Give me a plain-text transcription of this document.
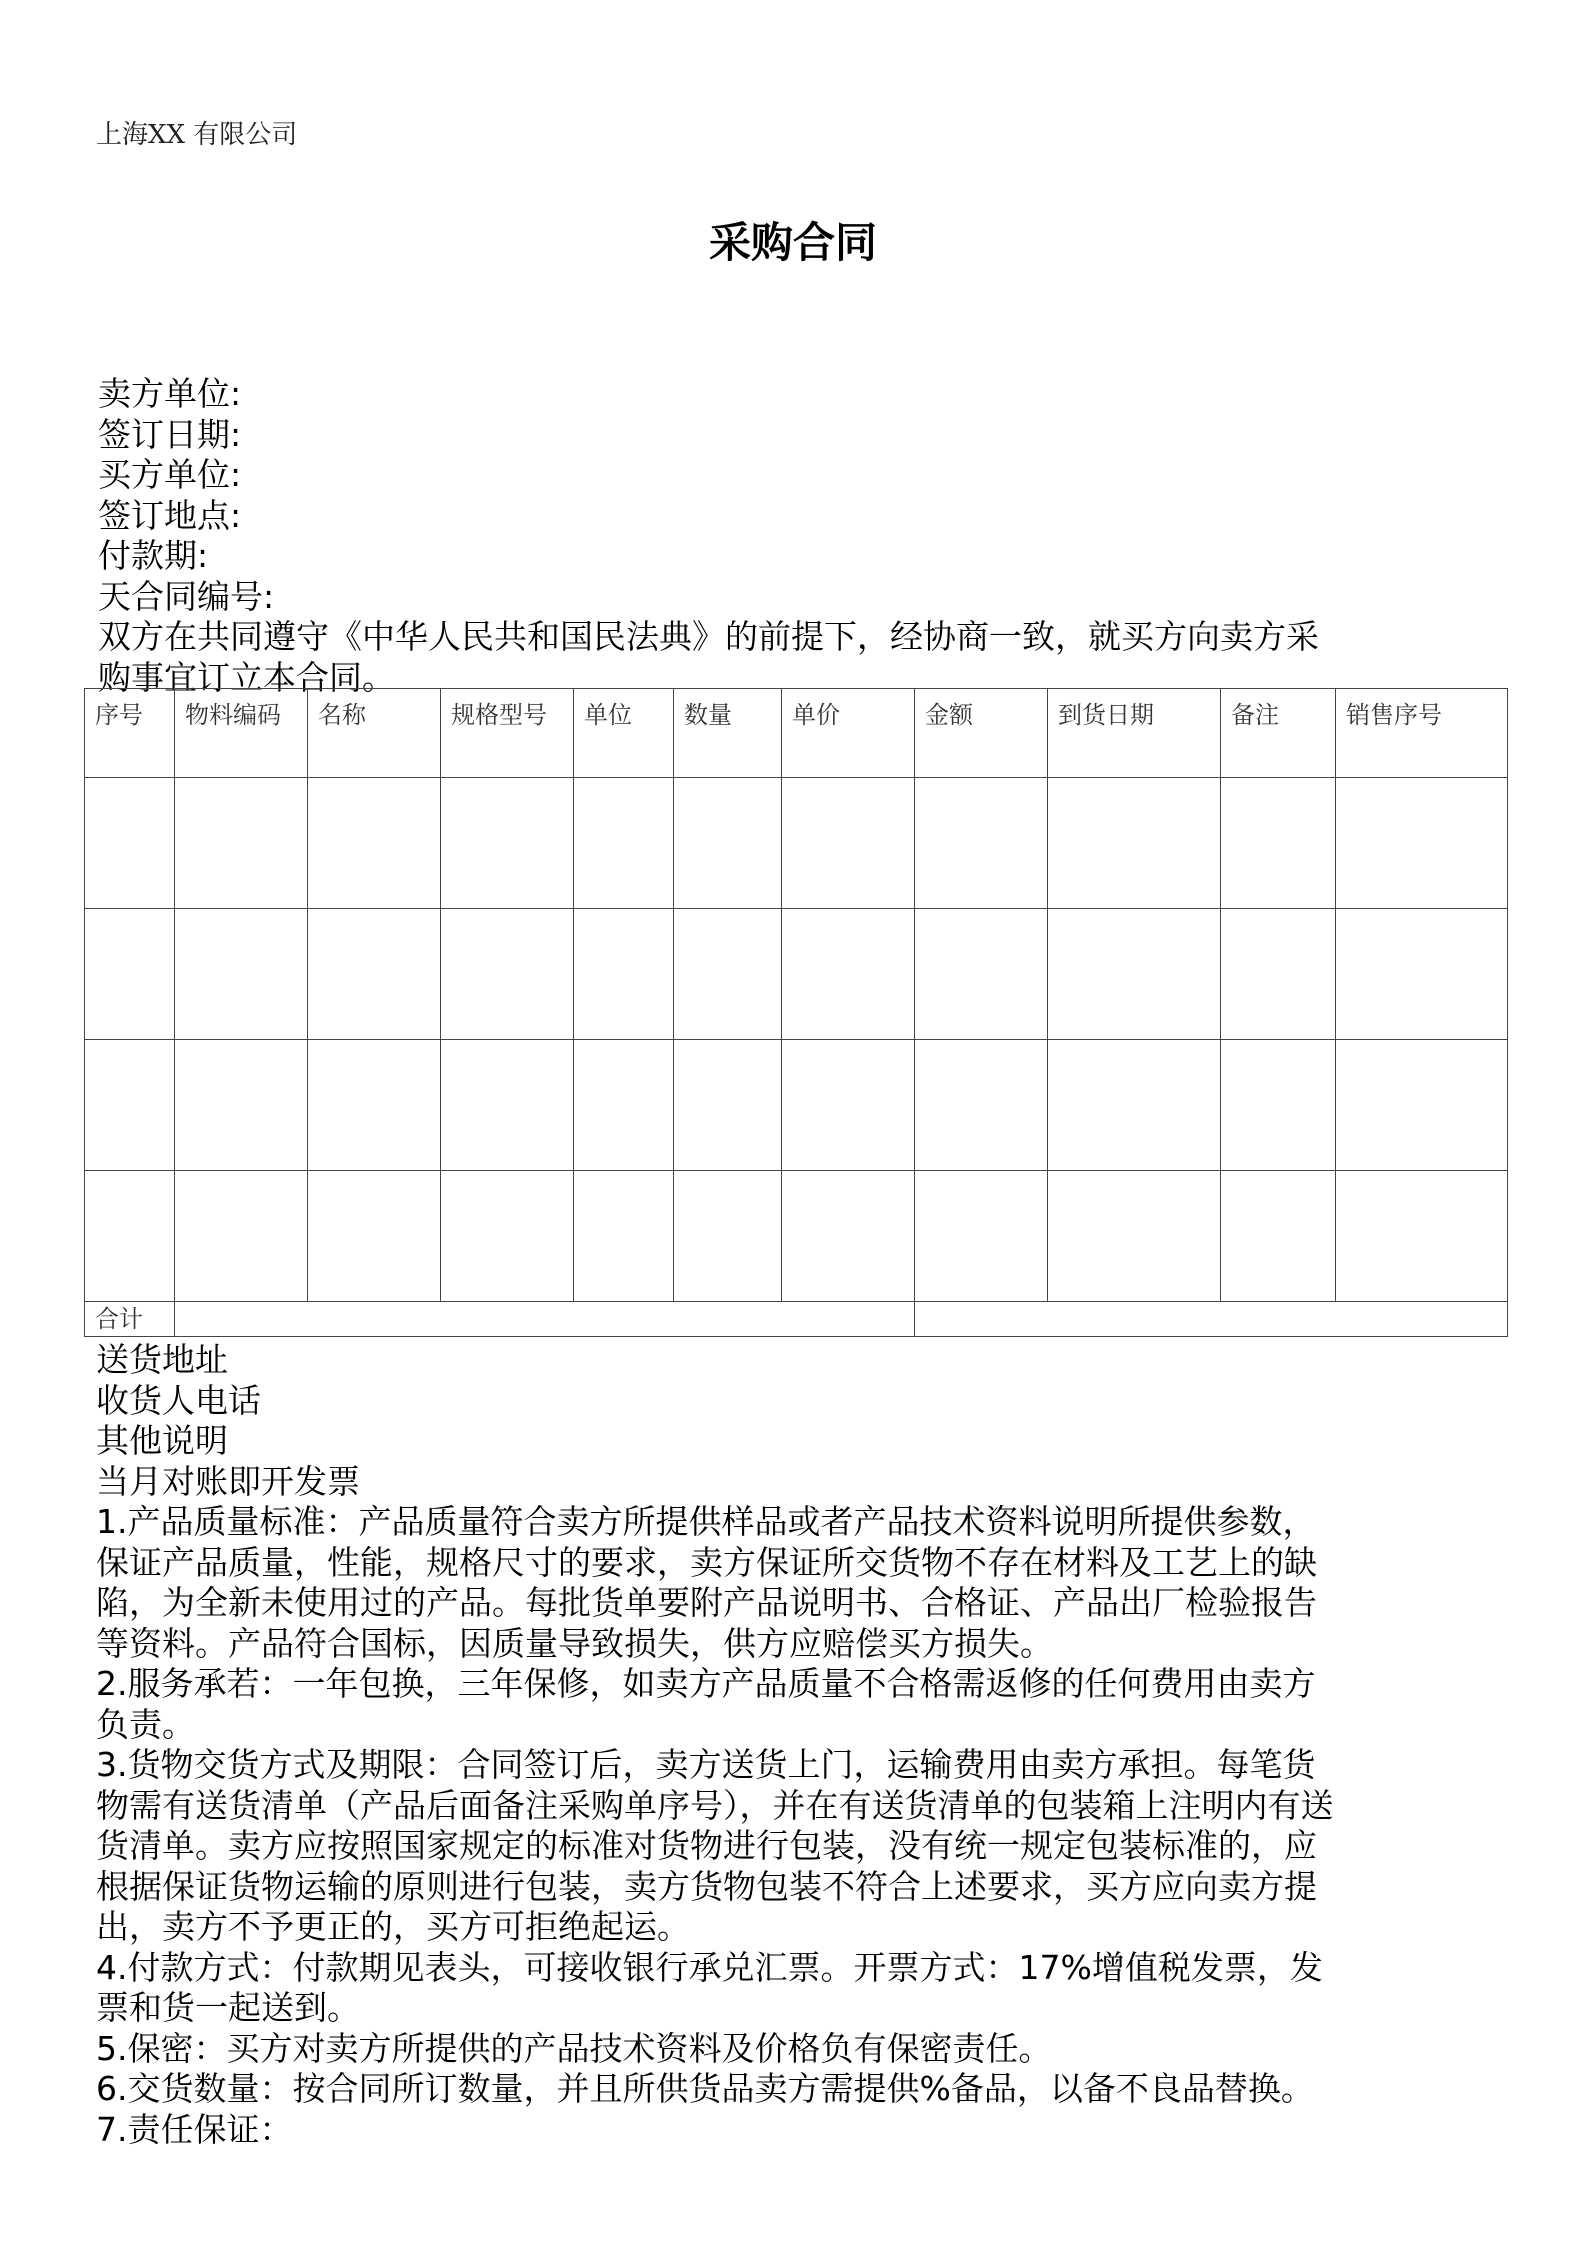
上海XX 有限公司
采购合同
卖方单位:
签订日期:
买方单位:
签订地点:
付款期:
天合同编号:
双方在共同遵守《中华人民共和国民法典》的前提下，经协商一致，就买方向卖方采
购事宜订立本合同。
序号	物料编码	名称	规格型号	单位	数量	单价	金额	到货日期	备注	销售序号

合计										
送货地址
收货人电话
其他说明
当月对账即开发票
1.产品质量标准：产品质量符合卖方所提供样品或者产品技术资料说明所提供参数，
保证产品质量，性能，规格尺寸的要求，卖方保证所交货物不存在材料及工艺上的缺
陷，为全新未使用过的产品。每批货单要附产品说明书、合格证、产品出厂检验报告
等资料。产品符合国标，因质量导致损失，供方应赔偿买方损失。
2.服务承若：一年包换，三年保修，如卖方产品质量不合格需返修的任何费用由卖方
负责。
3.货物交货方式及期限：合同签订后，卖方送货上门，运输费用由卖方承担。每笔货
物需有送货清单（产品后面备注采购单序号），并在有送货清单的包装箱上注明内有送
货清单。卖方应按照国家规定的标准对货物进行包装，没有统一规定包装标准的，应
根据保证货物运输的原则进行包装，卖方货物包装不符合上述要求，买方应向卖方提
出，卖方不予更正的，买方可拒绝起运。
4.付款方式：付款期见表头，可接收银行承兑汇票。开票方式：17%增值税发票，发
票和货一起送到。
5.保密：买方对卖方所提供的产品技术资料及价格负有保密责任。
6.交货数量：按合同所订数量，并且所供货品卖方需提供%备品，以备不良品替换。
7.责任保证：
